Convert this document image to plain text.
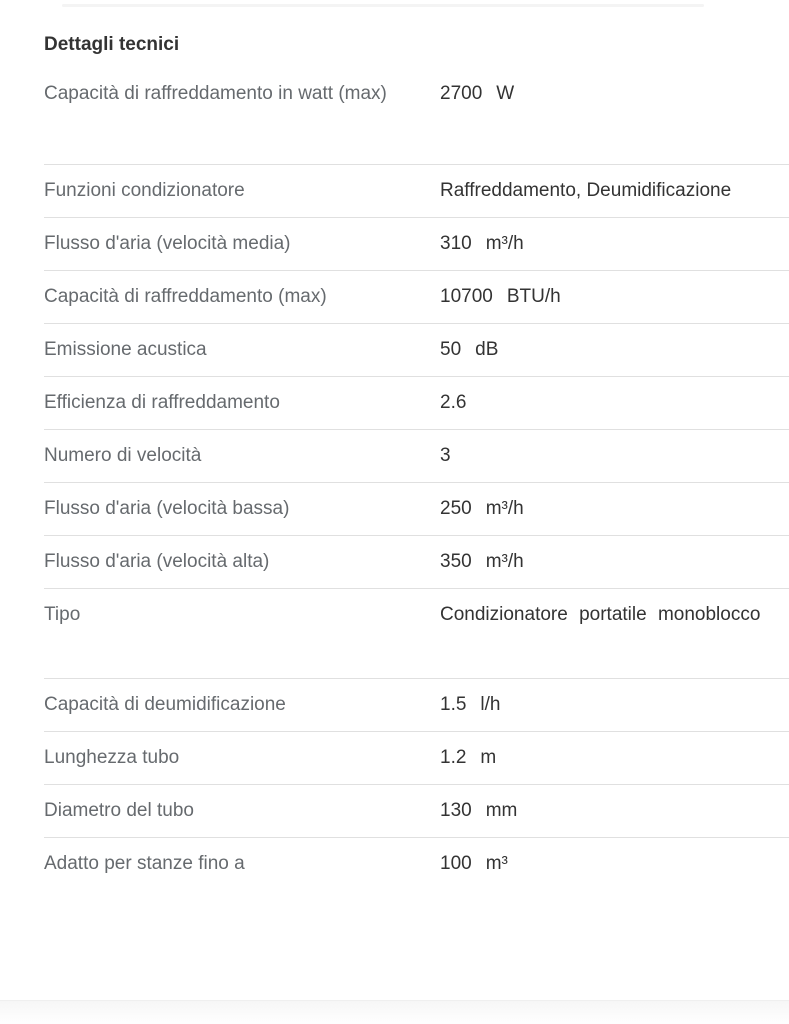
Dettagli tecnici
Capacità di raffreddamento in watt (max)	2700 W
Funzioni condizionatore	Raffreddamento, Deumidificazione
Flusso d'aria (velocità media)	310 m³/h
Capacità di raffreddamento (max)	10700 BTU/h
Emissione acustica	50 dB
Efficienza di raffreddamento	2.6
Numero di velocità	3
Flusso d'aria (velocità bassa)	250 m³/h
Flusso d'aria (velocità alta)	350 m³/h
Tipo	Condizionatore portatile monoblocco
Capacità di deumidificazione	1.5 l/h
Lunghezza tubo	1.2 m
Diametro del tubo	130 mm
Adatto per stanze fino a	100 m³
